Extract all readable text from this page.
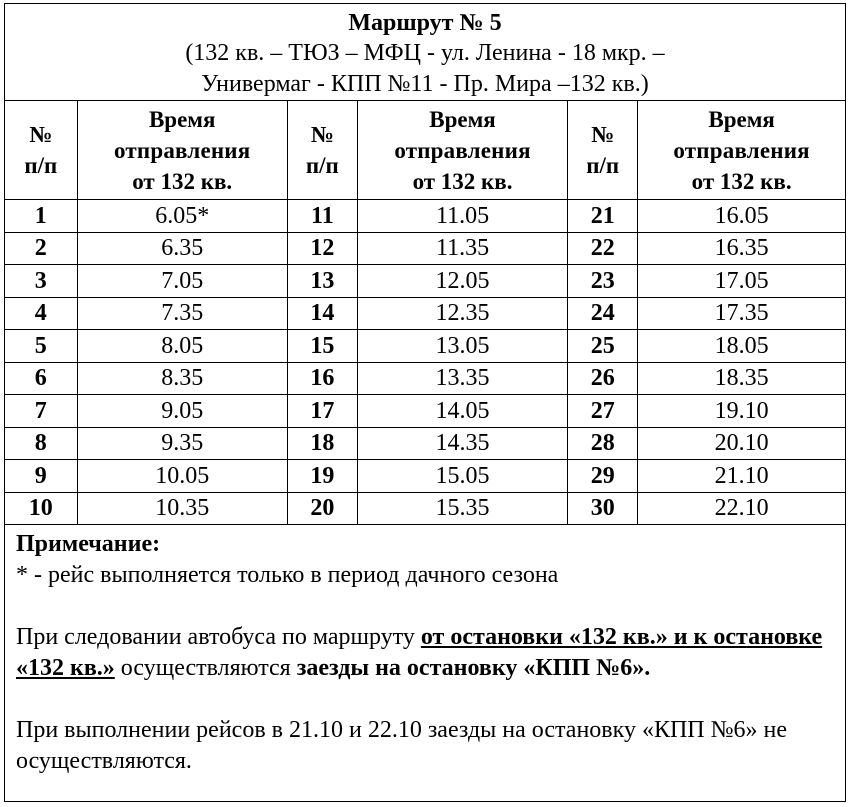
Маршрут № 5
(132 кв. – ТЮЗ – МФЦ - ул. Ленина - 18 мкр. –
Универмаг - КПП №11 - Пр. Мира –132 кв.)
№
п/п	Время
отправления
от 132 кв.	№
п/п	Время
отправления
от 132 кв.	№
п/п	Время
отправления
от 132 кв.
1	6.05*	11	11.05	21	16.05
2	6.35	12	11.35	22	16.35
3	7.05	13	12.05	23	17.05
4	7.35	14	12.35	24	17.35
5	8.05	15	13.05	25	18.05
6	8.35	16	13.35	26	18.35
7	9.05	17	14.05	27	19.10
8	9.35	18	14.35	28	20.10
9	10.05	19	15.05	29	21.10
10	10.35	20	15.35	30	22.10

Примечание:

* - рейс выполняется только в период дачного сезона

При следовании автобуса по маршруту от остановки «132 кв.» и к остановке «132 кв.» осуществляются заезды на остановку «КПП №6».

При выполнении рейсов в 21.10 и 22.10 заезды на остановку «КПП №6» не осуществляются.
